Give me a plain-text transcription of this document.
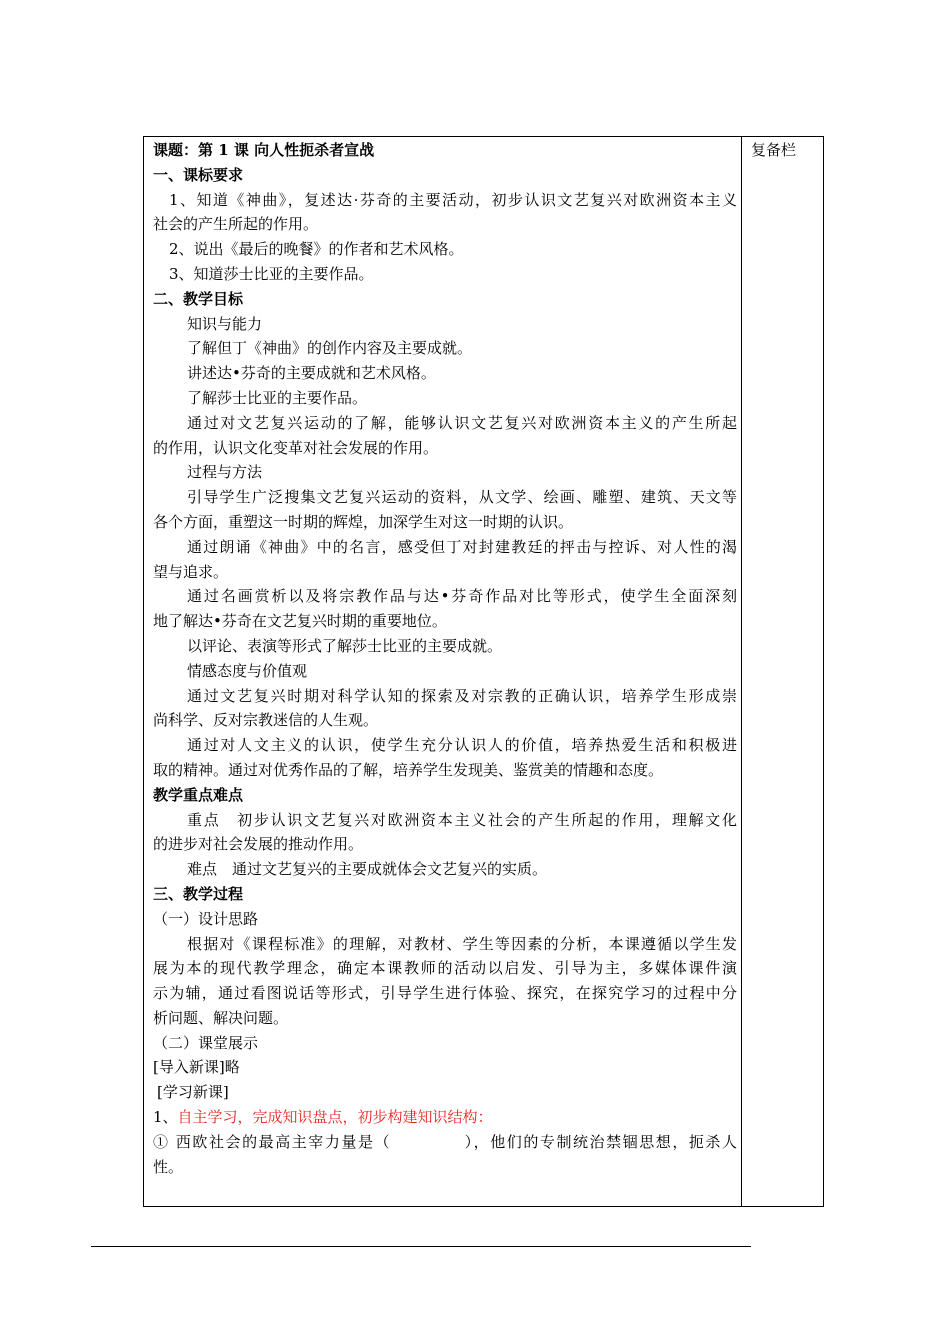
复备栏
课题：第 1 课 向人性扼杀者宣战
一、课标要求
1、知道《神曲》，复述达·芬奇的主要活动，初步认识文艺复兴对欧洲资本主义
社会的产生所起的作用。
2、说出《最后的晚餐》的作者和艺术风格。
3、知道莎士比亚的主要作品。
二、教学目标
知识与能力
了解但丁《神曲》的创作内容及主要成就。
讲述达•芬奇的主要成就和艺术风格。
了解莎士比亚的主要作品。
通过对文艺复兴运动的了解，能够认识文艺复兴对欧洲资本主义的产生所起
的作用，认识文化变革对社会发展的作用。
过程与方法
引导学生广泛搜集文艺复兴运动的资料，从文学、绘画、雕塑、建筑、天文等
各个方面，重塑这一时期的辉煌，加深学生对这一时期的认识。
通过朗诵《神曲》中的名言，感受但丁对封建教廷的抨击与控诉、对人性的渴
望与追求。
通过名画赏析以及将宗教作品与达•芬奇作品对比等形式，使学生全面深刻
地了解达•芬奇在文艺复兴时期的重要地位。
以评论、表演等形式了解莎士比亚的主要成就。
情感态度与价值观
通过文艺复兴时期对科学认知的探索及对宗教的正确认识，培养学生形成崇
尚科学、反对宗教迷信的人生观。
通过对人文主义的认识，使学生充分认识人的价值，培养热爱生活和积极进
取的精神。通过对优秀作品的了解，培养学生发现美、鉴赏美的情趣和态度。
教学重点难点
重点　初步认识文艺复兴对欧洲资本主义社会的产生所起的作用，理解文化
的进步对社会发展的推动作用。
难点　通过文艺复兴的主要成就体会文艺复兴的实质。
三、教学过程
（一）设计思路
根据对《课程标准》的理解，对教材、学生等因素的分析，本课遵循以学生发
展为本的现代教学理念，确定本课教师的活动以启发、引导为主，多媒体课件演
示为辅，通过看图说话等形式，引导学生进行体验、探究，在探究学习的过程中分
析问题、解决问题。
（二）课堂展示
[导入新课]略
[学习新课]
1、自主学习，完成知识盘点，初步构建知识结构：
① 西欧社会的最高主宰力量是（	），他们的专制统治禁锢思想，扼杀人
性。
